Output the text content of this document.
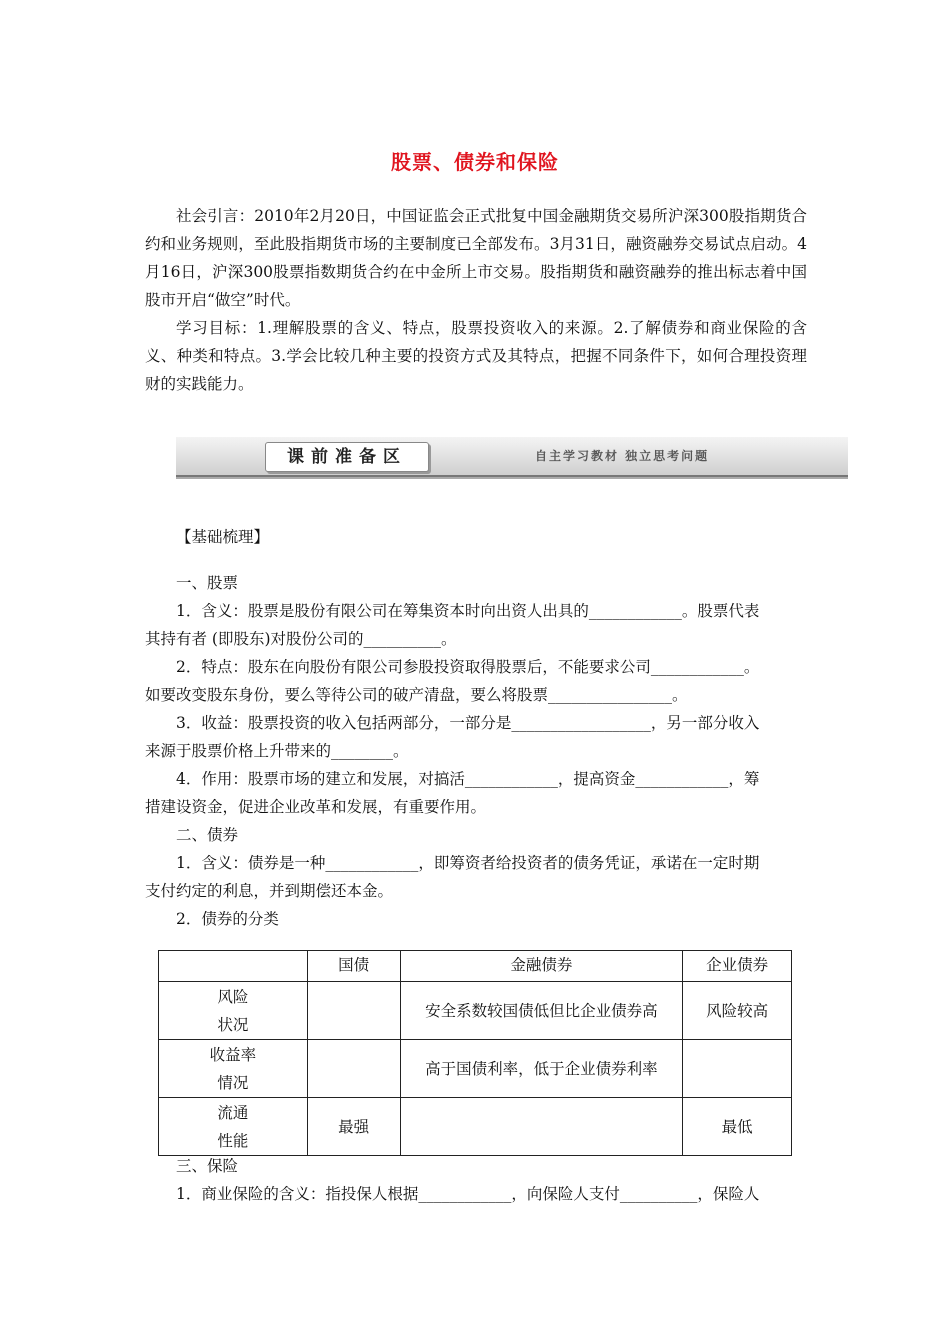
股票、债券和保险
社会引言：2010年2月20日，中国证监会正式批复中国金融期货交易所沪深300股指期货合约和业务规则，至此股指期货市场的主要制度已全部发布。3月31日，融资融券交易试点启动。4月16日，沪深300股票指数期货合约在中金所上市交易。股指期货和融资融券的推出标志着中国股市开启“做空”时代。
学习目标：1.理解股票的含义、特点，股票投资收入的来源。2.了解债券和商业保险的含义、种类和特点。3.学会比较几种主要的投资方式及其特点，把握不同条件下，如何合理投资理财的实践能力。
课前准备区	自主学习教材 独立思考问题
【基础梳理】
一、股票
1．含义：股票是股份有限公司在筹集资本时向出资人出具的____________。股票代表
其持有者 (即股东)对股份公司的__________。
2．特点：股东在向股份有限公司参股投资取得股票后，不能要求公司____________。
如要改变股东身份，要么等待公司的破产清盘，要么将股票________________。
3．收益：股票投资的收入包括两部分，一部分是__________________，另一部分收入
来源于股票价格上升带来的________。
4．作用：股票市场的建立和发展，对搞活____________，提高资金____________，筹
措建设资金，促进企业改革和发展，有重要作用。
二、债券
1．含义：债券是一种____________，即筹资者给投资者的债务凭证，承诺在一定时期
支付约定的利息，并到期偿还本金。
2．债券的分类
	国债	金融债券	企业债券

风险
状况		安全系数较国债低但比企业债券高	风险较高

收益率
情况		高于国债利率，低于企业债券利率	

流通
性能	最强		最低
三、保险
1．商业保险的含义：指投保人根据____________，向保险人支付__________，保险人
